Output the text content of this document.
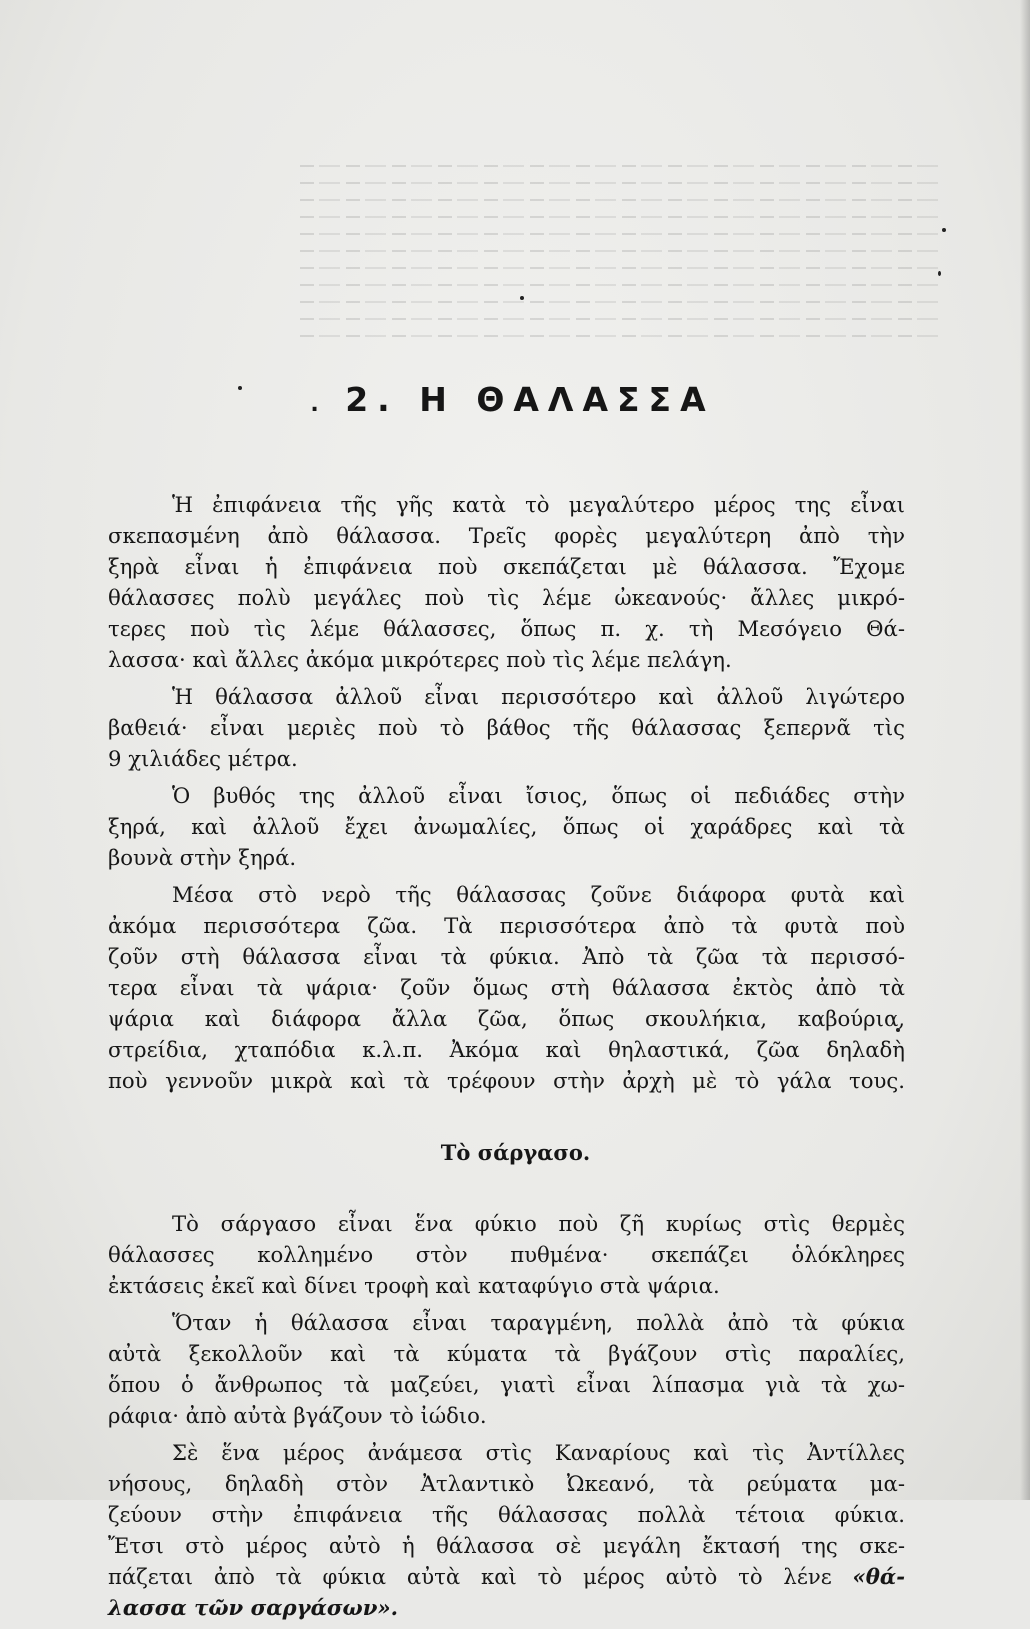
. 2. Η ΘΑΛΑΣΣΑ

Ἡ ἐπιφάνεια τῆς γῆς κατὰ τὸ μεγαλύτερο μέρος της εἶναι
σκεπασμένη ἀπὸ θάλασσα. Τρεῖς φορὲς μεγαλύτερη ἀπὸ τὴν
ξηρὰ εἶναι ἡ ἐπιφάνεια ποὺ σκεπάζεται μὲ θάλασσα. Ἔχομε
θάλασσες πολὺ μεγάλες ποὺ τὶς λέμε ὠκεανούς· ἄλλες μικρό-
τερες ποὺ τὶς λέμε θάλασσες, ὅπως π. χ. τὴ Μεσόγειο Θά-
λασσα· καὶ ἄλλες ἀκόμα μικρότερες ποὺ τὶς λέμε πελάγη.

Ἡ θάλασσα ἀλλοῦ εἶναι περισσότερο καὶ ἀλλοῦ λιγώτερο
βαθειά· εἶναι μεριὲς ποὺ τὸ βάθος τῆς θάλασσας ξεπερνᾶ τὶς
9 χιλιάδες μέτρα.

Ὁ βυθός της ἀλλοῦ εἶναι ἴσιος, ὅπως οἱ πεδιάδες στὴν
ξηρά, καὶ ἀλλοῦ ἔχει ἀνωμαλίες, ὅπως οἱ χαράδρες καὶ τὰ
βουνὰ στὴν ξηρά.

Μέσα στὸ νερὸ τῆς θάλασσας ζοῦνε διάφορα φυτὰ καὶ
ἀκόμα περισσότερα ζῶα. Τὰ περισσότερα ἀπὸ τὰ φυτὰ ποὺ
ζοῦν στὴ θάλασσα εἶναι τὰ φύκια. Ἀπὸ τὰ ζῶα τὰ περισσό-
τερα εἶναι τὰ ψάρια· ζοῦν ὅμως στὴ θάλασσα ἐκτὸς ἀπὸ τὰ
ψάρια καὶ διάφορα ἄλλα ζῶα, ὅπως σκουλήκια, καβούρια,
στρείδια, χταπόδια κ.λ.π. Ἀκόμα καὶ θηλαστικά, ζῶα δηλαδὴ
ποὺ γεννοῦν μικρὰ καὶ τὰ τρέφουν στὴν ἀρχὴ μὲ τὸ γάλα τους.

Τὸ σάργασο.

Τὸ σάργασο εἶναι ἕνα φύκιο ποὺ ζῆ κυρίως στὶς θερμὲς
θάλασσες κολλημένο στὸν πυθμένα· σκεπάζει ὁλόκληρες
ἐκτάσεις ἐκεῖ καὶ δίνει τροφὴ καὶ καταφύγιο στὰ ψάρια.

Ὅταν ἡ θάλασσα εἶναι ταραγμένη, πολλὰ ἀπὸ τὰ φύκια
αὐτὰ ξεκολλοῦν καὶ τὰ κύματα τὰ βγάζουν στὶς παραλίες,
ὅπου ὁ ἄνθρωπος τὰ μαζεύει, γιατὶ εἶναι λίπασμα γιὰ τὰ χω-
ράφια· ἀπὸ αὐτὰ βγάζουν τὸ ἰώδιο.

Σὲ ἕνα μέρος ἀνάμεσα στὶς Καναρίους καὶ τὶς Ἀντίλλες
νήσους, δηλαδὴ στὸν Ἀτλαντικὸ Ὠκεανό, τὰ ρεύματα μα-
ζεύουν στὴν ἐπιφάνεια τῆς θάλασσας πολλὰ τέτοια φύκια.
Ἔτσι στὸ μέρος αὐτὸ ἡ θάλασσα σὲ μεγάλη ἔκτασή της σκε-
πάζεται ἀπὸ τὰ φύκια αὐτὰ καὶ τὸ μέρος αὐτὸ τὸ λένε «θά-
λασσα τῶν σαργάσων».
